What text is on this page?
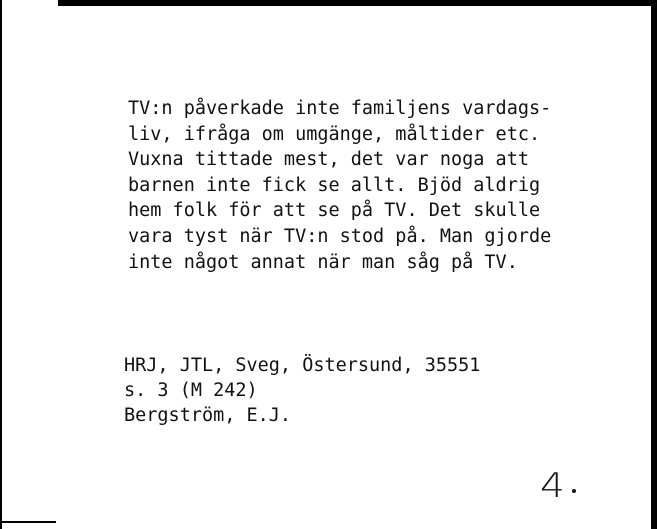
TV:n påverkade inte familjens vardags-
liv, ifråga om umgänge, måltider etc.
Vuxna tittade mest, det var noga att
barnen inte fick se allt. Bjöd aldrig
hem folk för att se på TV. Det skulle
vara tyst när TV:n stod på. Man gjorde
inte något annat när man såg på TV.
HRJ, JTL, Sveg, Östersund, 35551
s. 3 (M 242)
Bergström, E.J.
4
